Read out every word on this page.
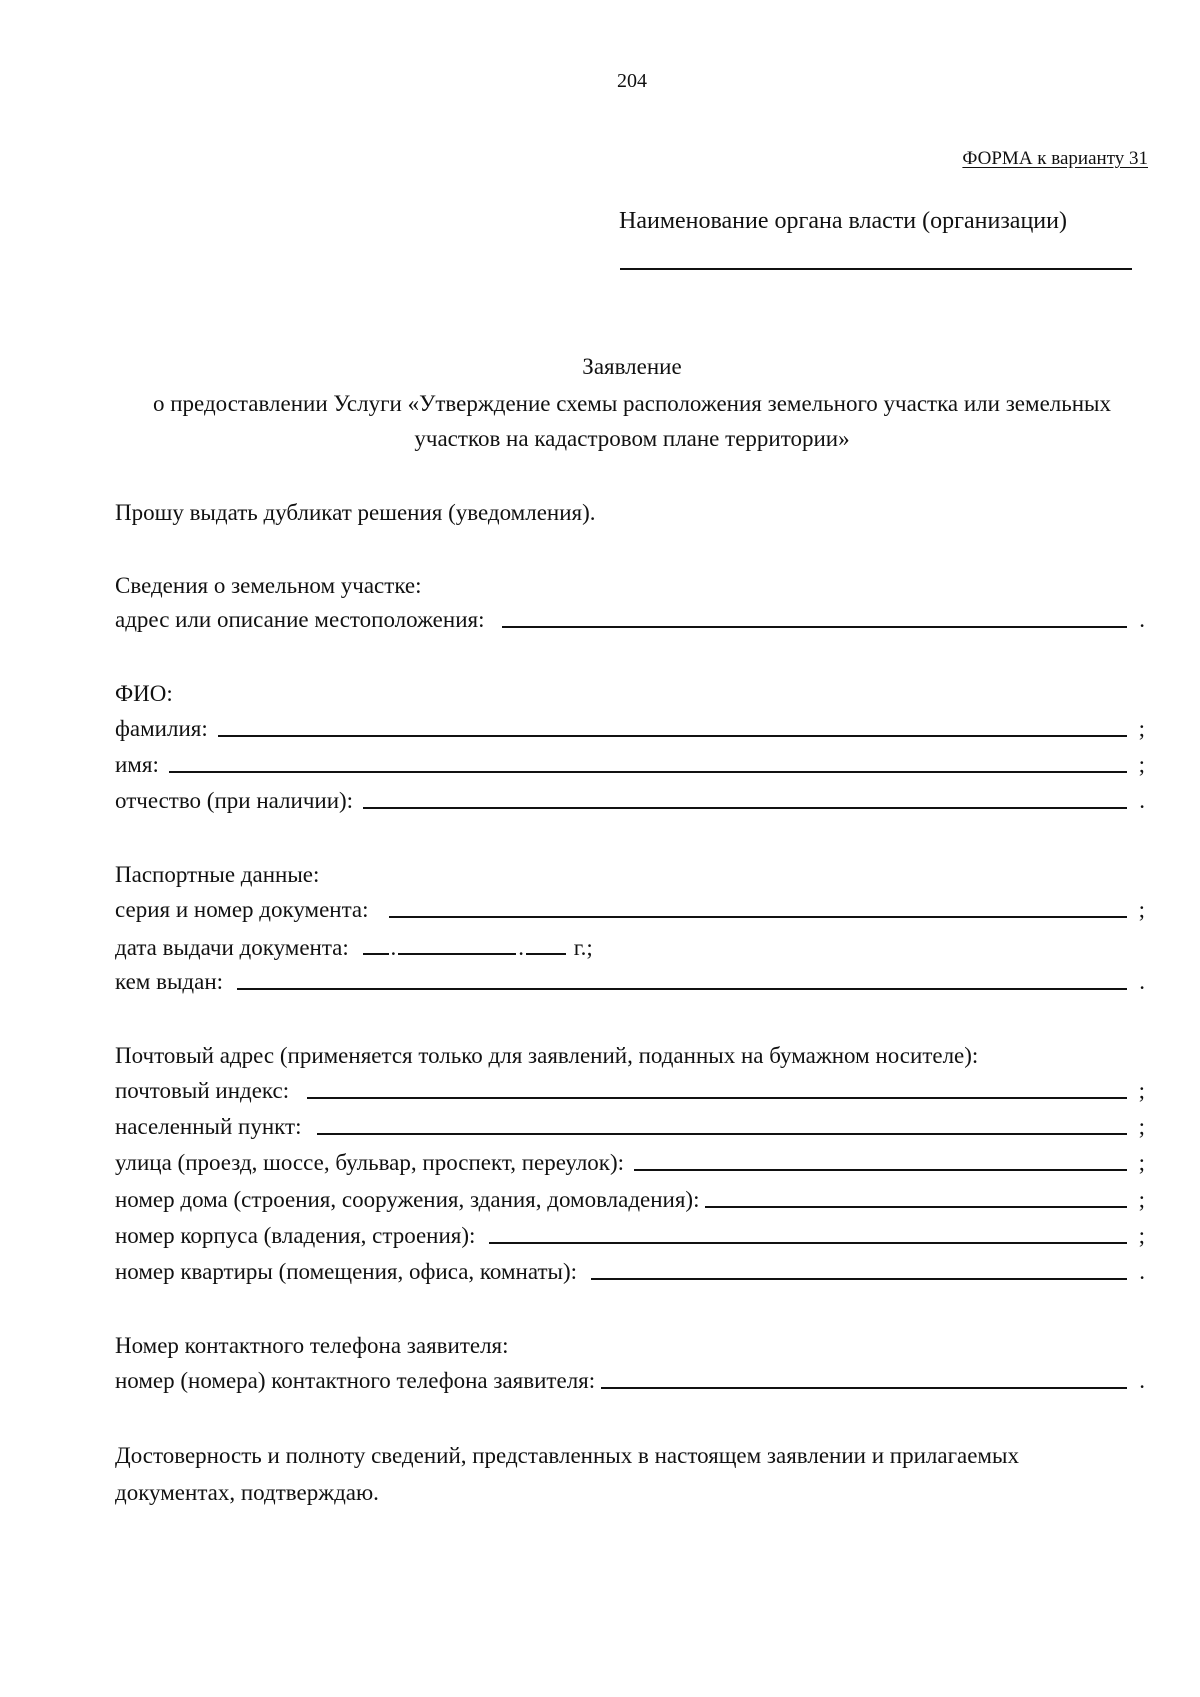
204
ФОРМА к варианту 31
Наименование органа власти (организации)
Заявление
о предоставлении Услуги «Утверждение схемы расположения земельного участка или земельных
участков на кадастровом плане территории»
Прошу выдать дубликат решения (уведомления).
Сведения о земельном участке:
адрес или описание местоположения:	.
ФИО:
фамилия:	;
имя:	;
отчество (при наличии):	.
Паспортные данные:
серия и номер документа:	;
дата выдачи документа: .	. г.;
кем выдан:	.
Почтовый адрес (применяется только для заявлений, поданных на бумажном носителе):
почтовый индекс:	;
населенный пункт:	;
улица (проезд, шоссе, бульвар, проспект, переулок):	;
номер дома (строения, сооружения, здания, домовладения):	;
номер корпуса (владения, строения):	;
номер квартиры (помещения, офиса, комнаты):	.
Номер контактного телефона заявителя:
номер (номера) контактного телефона заявителя:	.
Достоверность и полноту сведений, представленных в настоящем заявлении и прилагаемых
документах, подтверждаю.
